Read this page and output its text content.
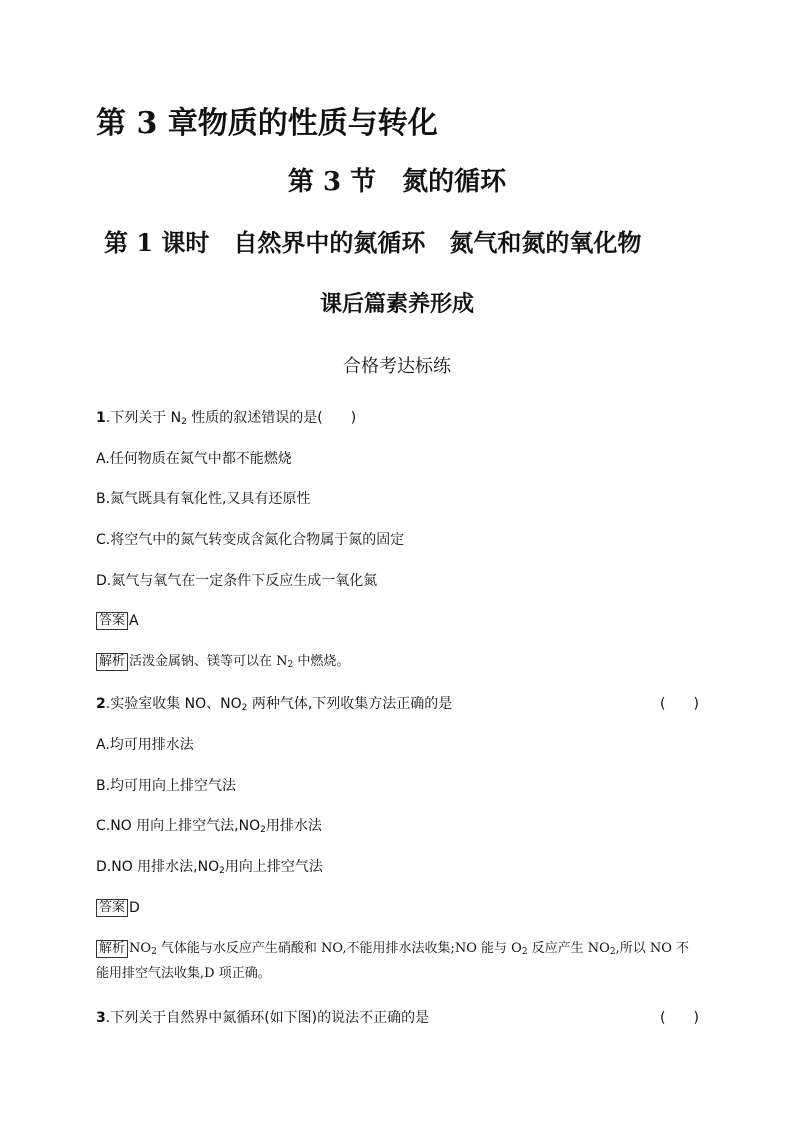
第 3 章物质的性质与转化
第 3 节　氮的循环
第 1 课时　自然界中的氮循环　氮气和氮的氧化物
课后篇素养形成
合格考达标练
1.下列关于 $N_2$ 性质的叙述错误的是(　　)
A.任何物质在氮气中都不能燃烧
B.氮气既具有氧化性,又具有还原性
C.将空气中的氮气转变成含氮化合物属于氮的固定
D.氮气与氧气在一定条件下反应生成一氧化氮
答案 A
解析 活泼金属钠、镁等可以在 $N_2$ 中燃烧。
2.实验室收集 NO、$NO_2$ 两种气体,下列收集方法正确的是	(　　)
A.均可用排水法
B.均可用向上排空气法
C.NO 用向上排空气法$,NO_2$用排水法
D.NO 用排水法$,NO_2$用向上排空气法
答案 D
解析 $NO_2$ 气体能与水反应产生硝酸和 NO,不能用排水法收集;NO 能与 $O_2$ 反应产生 $NO_2$,所以 NO 不
能用排空气法收集,D 项正确。
3.下列关于自然界中氮循环(如下图)的说法不正确的是	(　　)
